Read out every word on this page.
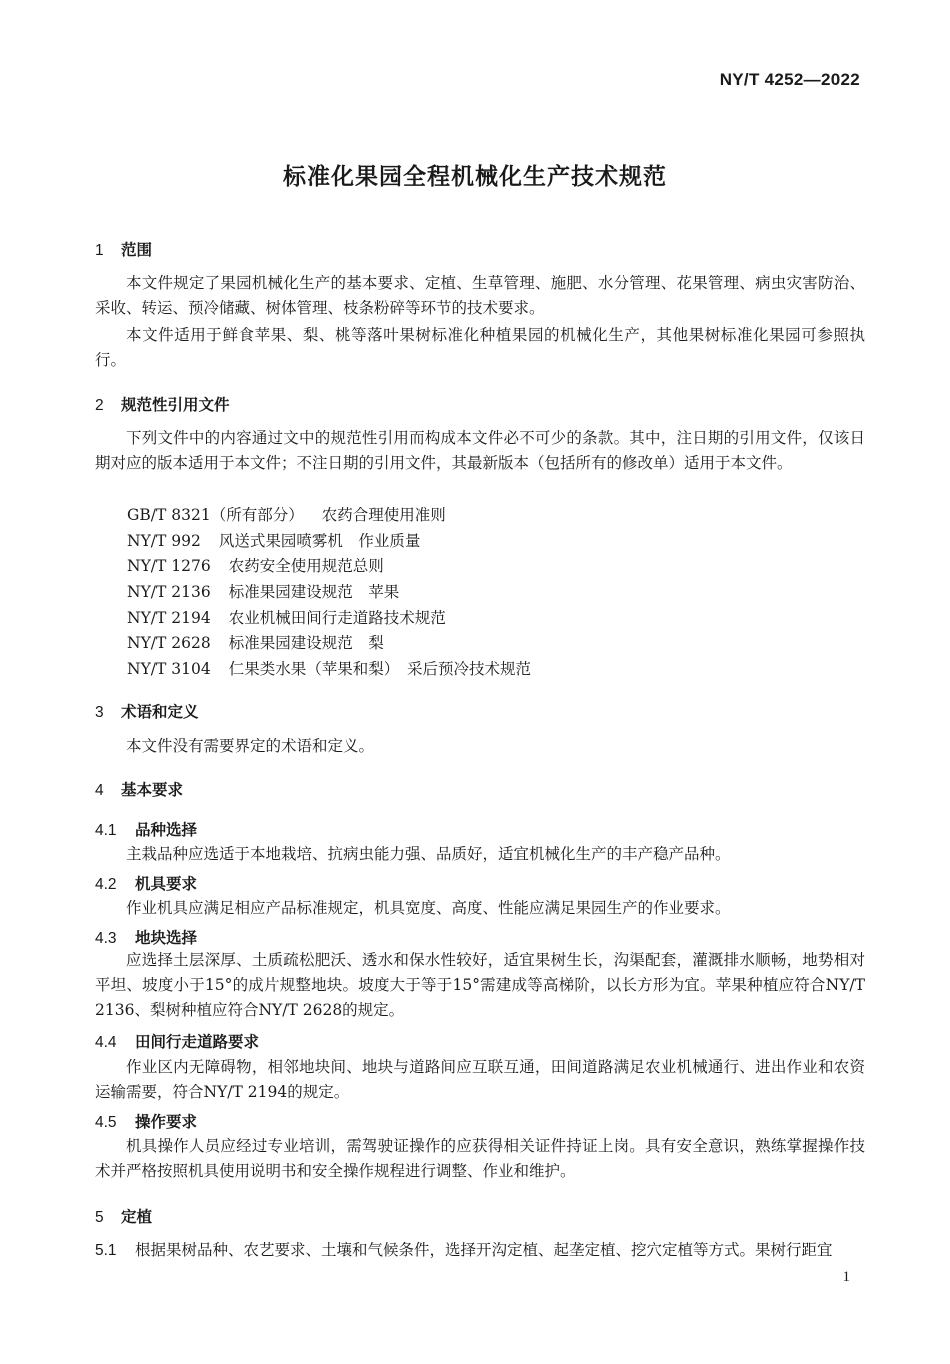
NY/T 4252—2022
标准化果园全程机械化生产技术规范
1 范围
本文件规定了果园机械化生产的基本要求、定植、生草管理、施肥、水分管理、花果管理、病虫灾害防治、采收、转运、预冷储藏、树体管理、枝条粉碎等环节的技术要求。
本文件适用于鲜食苹果、梨、桃等落叶果树标准化种植果园的机械化生产，其他果树标准化果园可参照执行。
2 规范性引用文件
下列文件中的内容通过文中的规范性引用而构成本文件必不可少的条款。其中，注日期的引用文件，仅该日期对应的版本适用于本文件；不注日期的引用文件，其最新版本（包括所有的修改单）适用于本文件。
GB/T 8321（所有部分） 农药合理使用准则
NY/T 992 风送式果园喷雾机　作业质量
NY/T 1276 农药安全使用规范总则
NY/T 2136 标准果园建设规范　苹果
NY/T 2194 农业机械田间行走道路技术规范
NY/T 2628 标准果园建设规范　梨
NY/T 3104 仁果类水果（苹果和梨）　采后预冷技术规范
3 术语和定义
本文件没有需要界定的术语和定义。
4 基本要求
4.1 品种选择
主栽品种应选适于本地栽培、抗病虫能力强、品质好，适宜机械化生产的丰产稳产品种。
4.2 机具要求
作业机具应满足相应产品标准规定，机具宽度、高度、性能应满足果园生产的作业要求。
4.3 地块选择
应选择土层深厚、土质疏松肥沃、透水和保水性较好，适宜果树生长，沟渠配套，灌溉排水顺畅，地势相对平坦、坡度小于15°的成片规整地块。坡度大于等于15°需建成等高梯阶，以长方形为宜。苹果种植应符合NY/T 2136、梨树种植应符合NY/T 2628的规定。
4.4 田间行走道路要求
作业区内无障碍物，相邻地块间、地块与道路间应互联互通，田间道路满足农业机械通行、进出作业和农资运输需要，符合NY/T 2194的规定。
4.5 操作要求
机具操作人员应经过专业培训，需驾驶证操作的应获得相关证件持证上岗。具有安全意识，熟练掌握操作技术并严格按照机具使用说明书和安全操作规程进行调整、作业和维护。
5 定植
5.1 根据果树品种、农艺要求、土壤和气候条件，选择开沟定植、起垄定植、挖穴定植等方式。果树行距宜
1
